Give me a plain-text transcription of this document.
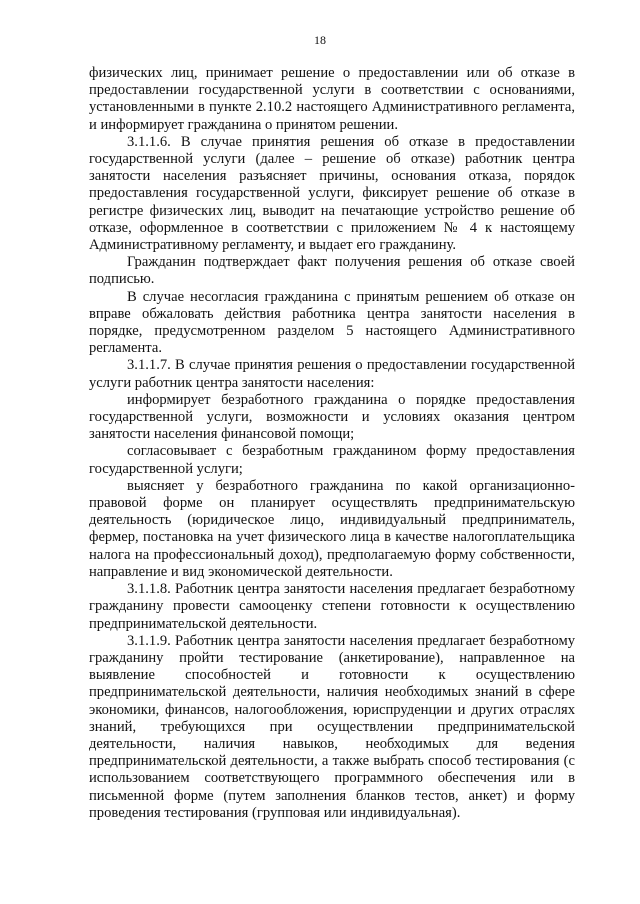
18

физических лиц, принимает решение о предоставлении или об отказе в предоставлении государственной услуги в соответствии с основаниями, установленными в пункте 2.10.2 настоящего Административного регламента, и информирует гражданина о принятом решении.

3.1.1.6. В случае принятия решения об отказе в предоставлении государственной услуги (далее – решение об отказе) работник центра занятости населения разъясняет причины, основания отказа, порядок предоставления государственной услуги, фиксирует решение об отказе в регистре физических лиц, выводит на печатающие устройство решение об отказе, оформленное в соответствии с приложением № 4 к настоящему Административному регламенту, и выдает его гражданину.

Гражданин подтверждает факт получения решения об отказе своей подписью.

В случае несогласия гражданина с принятым решением об отказе он вправе обжаловать действия работника центра занятости населения в порядке, предусмотренном разделом 5 настоящего Административного регламента.

3.1.1.7. В случае принятия решения о предоставлении государственной услуги работник центра занятости населения:

информирует безработного гражданина о порядке предоставления государственной услуги, возможности и условиях оказания центром занятости населения финансовой помощи;

согласовывает с безработным гражданином форму предоставления государственной услуги;

выясняет у безработного гражданина по какой организационно-правовой форме он планирует осуществлять предпринимательскую деятельность (юридическое лицо, индивидуальный предприниматель, фермер, постановка на учет физического лица в качестве налогоплательщика налога на профессиональный доход), предполагаемую форму собственности, направление и вид экономической деятельности.

3.1.1.8. Работник центра занятости населения предлагает безработному гражданину провести самооценку степени готовности к осуществлению предпринимательской деятельности.

3.1.1.9. Работник центра занятости населения предлагает безработному гражданину пройти тестирование (анкетирование), направленное на выявление способностей и готовности к осуществлению предпринимательской деятельности, наличия необходимых знаний в сфере экономики, финансов, налогообложения, юриспруденции и других отраслях знаний, требующихся при осуществлении предпринимательской деятельности, наличия навыков, необходимых для ведения предпринимательской деятельности, а также выбрать способ тестирования (с использованием соответствующего программного обеспечения или в письменной форме (путем заполнения бланков тестов, анкет) и форму проведения тестирования (групповая или индивидуальная).
